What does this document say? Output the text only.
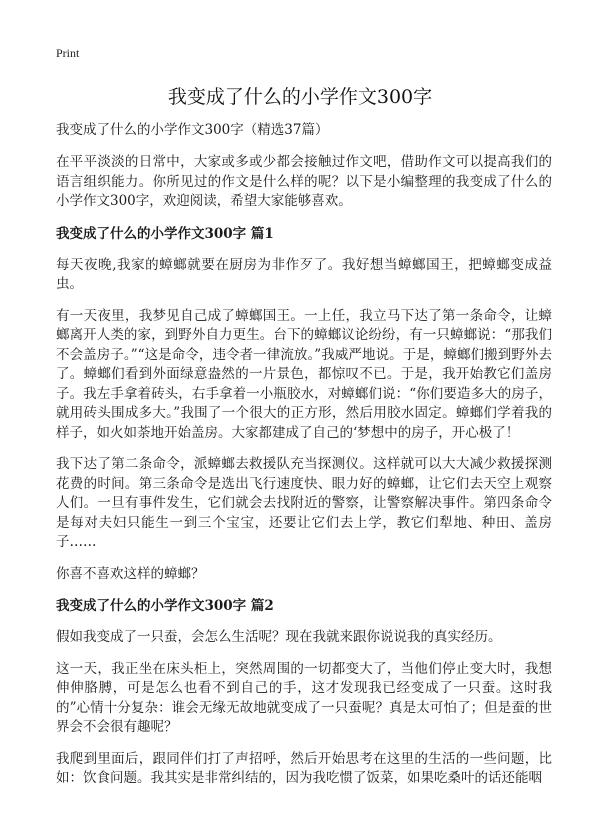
Print
我变成了什么的小学作文300字
我变成了什么的小学作文300字（精选37篇）

在平平淡淡的日常中，大家或多或少都会接触过作文吧，借助作文可以提高我们的语言组织能力。你所见过的作文是什么样的呢？以下是小编整理的我变成了什么的小学作文300字，欢迎阅读，希望大家能够喜欢。

我变成了什么的小学作文300字 篇1

每天夜晚,我家的蟑螂就要在厨房为非作歹了。我好想当蟑螂国王，把蟑螂变成益虫。

有一天夜里，我梦见自己成了蟑螂国王。一上任，我立马下达了第一条命令，让蟑螂离开人类的家，到野外自力更生。台下的蟑螂议论纷纷，有一只蟑螂说：“那我们不会盖房子。”“这是命令，违令者一律流放。”我威严地说。于是，蟑螂们搬到野外去了。蟑螂们看到外面绿意盎然的一片景色，都惊叹不已。于是，我开始教它们盖房子。我左手拿着砖头，右手拿着一小瓶胶水，对蟑螂们说：“你们要造多大的房子，就用砖头围成多大。”我围了一个很大的正方形，然后用胶水固定。蟑螂们学着我的样子，如火如荼地开始盖房。大家都建成了自己的‘梦想中的房子，开心极了！

我下达了第二条命令，派蟑螂去救援队充当探测仪。这样就可以大大减少救援探测花费的时间。第三条命令是选出飞行速度快、眼力好的蟑螂，让它们去天空上观察人们。一旦有事件发生，它们就会去找附近的警察，让警察解决事件。第四条命令是每对夫妇只能生一到三个宝宝，还要让它们去上学，教它们犁地、种田、盖房子……

你喜不喜欢这样的蟑螂？

我变成了什么的小学作文300字 篇2

假如我变成了一只蚕，会怎么生活呢？现在我就来跟你说说我的真实经历。

这一天，我正坐在床头柜上，突然周围的一切都变大了，当他们停止变大时，我想伸伸胳膊，可是怎么也看不到自己的手，这才发现我已经变成了一只蚕。这时我的”心情十分复杂：谁会无缘无故地就变成了一只蚕呢？真是太可怕了；但是蚕的世界会不会很有趣呢？

我爬到里面后，跟同伴们打了声招呼，然后开始思考在这里的生活的一些问题，比如：饮食问题。我其实是非常纠结的，因为我吃惯了饭菜，如果吃桑叶的话还能咽
